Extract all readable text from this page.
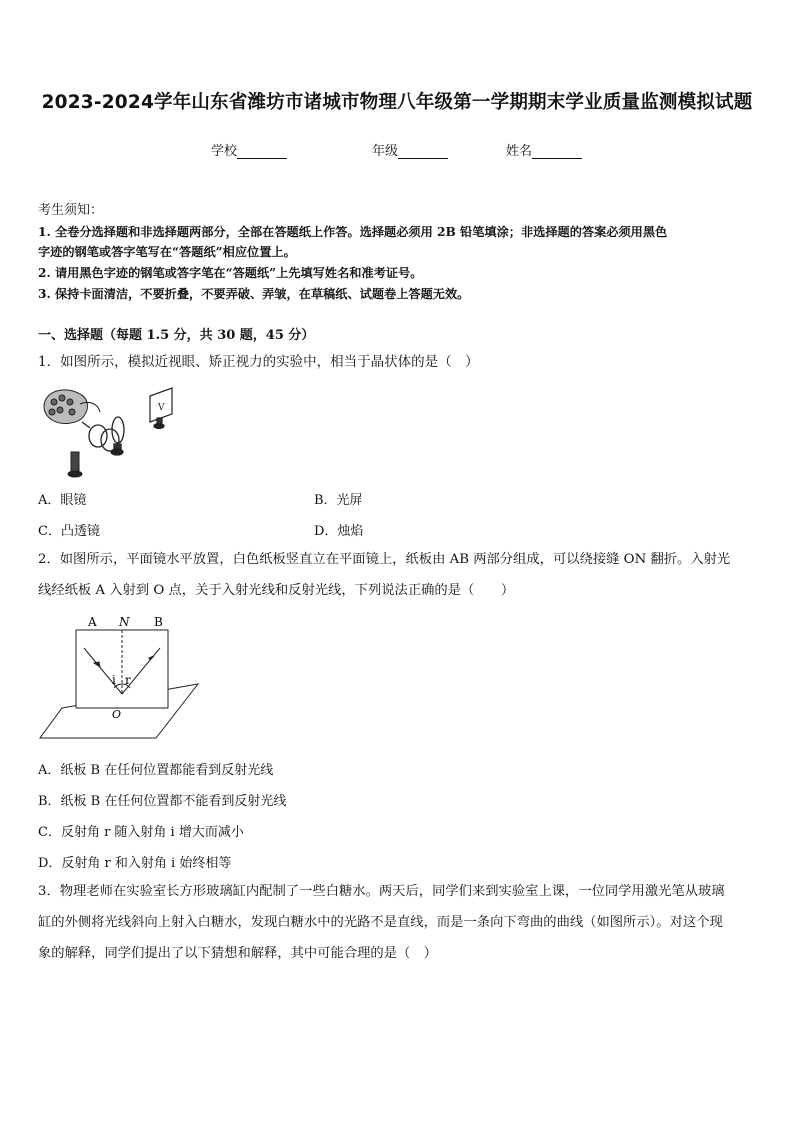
2023-2024学年山东省潍坊市诸城市物理八年级第一学期期末学业质量监测模拟试题
学校	年级	姓名
考生须知：
1. 全卷分选择题和非选择题两部分，全部在答题纸上作答。选择题必须用 2B 铅笔填涂；非选择题的答案必须用黑色
字迹的钢笔或答字笔写在“答题纸”相应位置上。
2. 请用黑色字迹的钢笔或答字笔在“答题纸”上先填写姓名和准考证号。
3. 保持卡面清洁，不要折叠，不要弄破、弄皱，在草稿纸、试题卷上答题无效。
一、选择题（每题 1.5 分，共 30 题，45 分）
1．如图所示，模拟近视眼、矫正视力的实验中，相当于晶状体的是（　）
V
A．眼镜	B．光屏
C．凸透镜	D．烛焰
2．如图所示，平面镜水平放置，白色纸板竖直立在平面镜上，纸板由 AB 两部分组成，可以绕接缝 ON 翻折。入射光
线经纸板 A 入射到 O 点，关于入射光线和反射光线，下列说法正确的是（　　）
A N B
i r
O
A．纸板 B 在任何位置都能看到反射光线
B．纸板 B 在任何位置都不能看到反射光线
C．反射角 r 随入射角 i 增大而减小
D．反射角 r 和入射角 i 始终相等
3．物理老师在实验室长方形玻璃缸内配制了一些白糖水。两天后，同学们来到实验室上课，一位同学用激光笔从玻璃
缸的外侧将光线斜向上射入白糖水，发现白糖水中的光路不是直线，而是一条向下弯曲的曲线（如图所示）。对这个现
象的解释，同学们提出了以下猜想和解释，其中可能合理的是（　）
